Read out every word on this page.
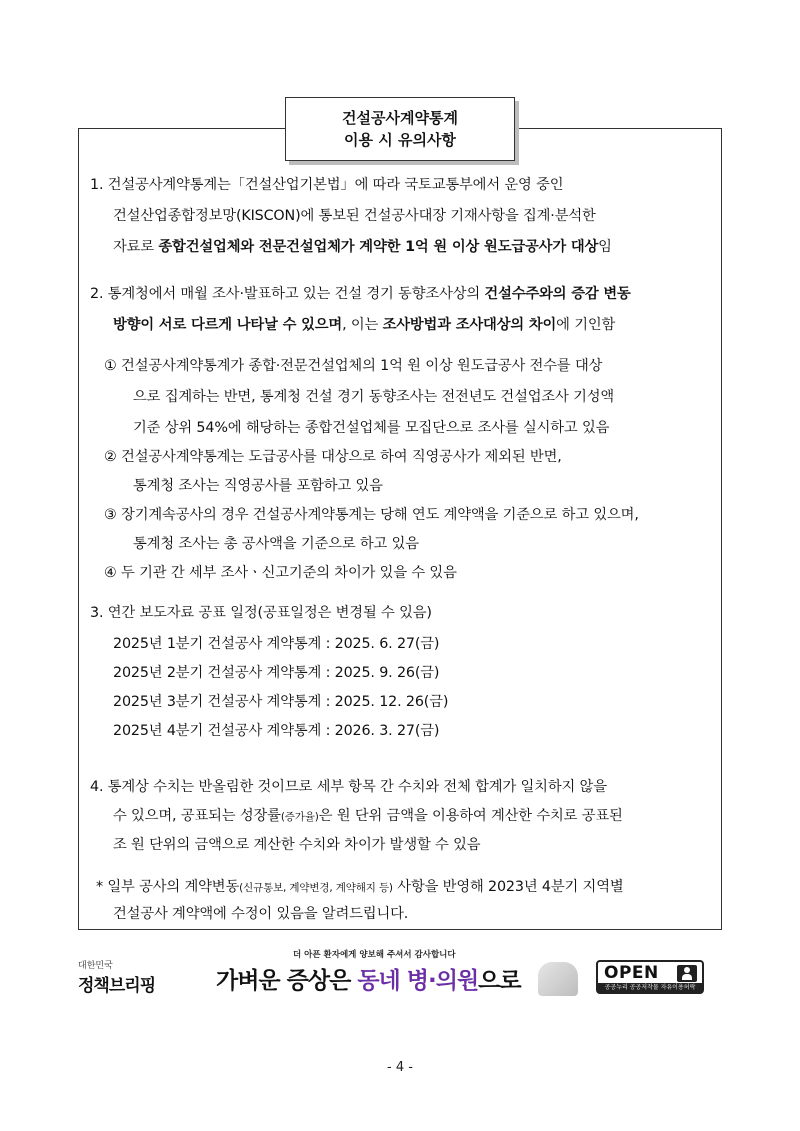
건설공사계약통계
이용 시 유의사항
1. 건설공사계약통계는「건설산업기본법」에 따라 국토교통부에서 운영 중인
건설산업종합정보망(KISCON)에 통보된 건설공사대장 기재사항을 집계·분석한
자료로 종합건설업체와 전문건설업체가 계약한 1억 원 이상 원도급공사가 대상임
2. 통계청에서 매월 조사·발표하고 있는 건설 경기 동향조사상의 건설수주와의 증감 변동
방향이 서로 다르게 나타날 수 있으며, 이는 조사방법과 조사대상의 차이에 기인함
① 건설공사계약통계가 종합·전문건설업체의 1억 원 이상 원도급공사 전수를 대상
으로 집계하는 반면, 통계청 건설 경기 동향조사는 전전년도 건설업조사 기성액
기준 상위 54%에 해당하는 종합건설업체를 모집단으로 조사를 실시하고 있음
② 건설공사계약통계는 도급공사를 대상으로 하여 직영공사가 제외된 반면,
통계청 조사는 직영공사를 포함하고 있음
③ 장기계속공사의 경우 건설공사계약통계는 당해 연도 계약액을 기준으로 하고 있으며,
통계청 조사는 총 공사액을 기준으로 하고 있음
④ 두 기관 간 세부 조사ㆍ신고기준의 차이가 있을 수 있음
3. 연간 보도자료 공표 일정(공표일정은 변경될 수 있음)
2025년 1분기 건설공사 계약통계 : 2025. 6. 27(금)
2025년 2분기 건설공사 계약통계 : 2025. 9. 26(금)
2025년 3분기 건설공사 계약통계 : 2025. 12. 26(금)
2025년 4분기 건설공사 계약통계 : 2026. 3. 27(금)
4. 통계상 수치는 반올림한 것이므로 세부 항목 간 수치와 전체 합계가 일치하지 않을
수 있으며, 공표되는 성장률(증가율)은 원 단위 금액을 이용하여 계산한 수치로 공표된
조 원 단위의 금액으로 계산한 수치와 차이가 발생할 수 있음
* 일부 공사의 계약변동(신규통보, 계약변경, 계약해지 등) 사항을 반영해 2023년 4분기 지역별
건설공사 계약액에 수정이 있음을 알려드립니다.
대한민국
정책브리핑
더 아픈 환자에게 양보해 주셔서 감사합니다
가벼운 증상은 동네 병·의원으로	OPEN
공공누리 공공저작물 자유이용허락
- 4 -
